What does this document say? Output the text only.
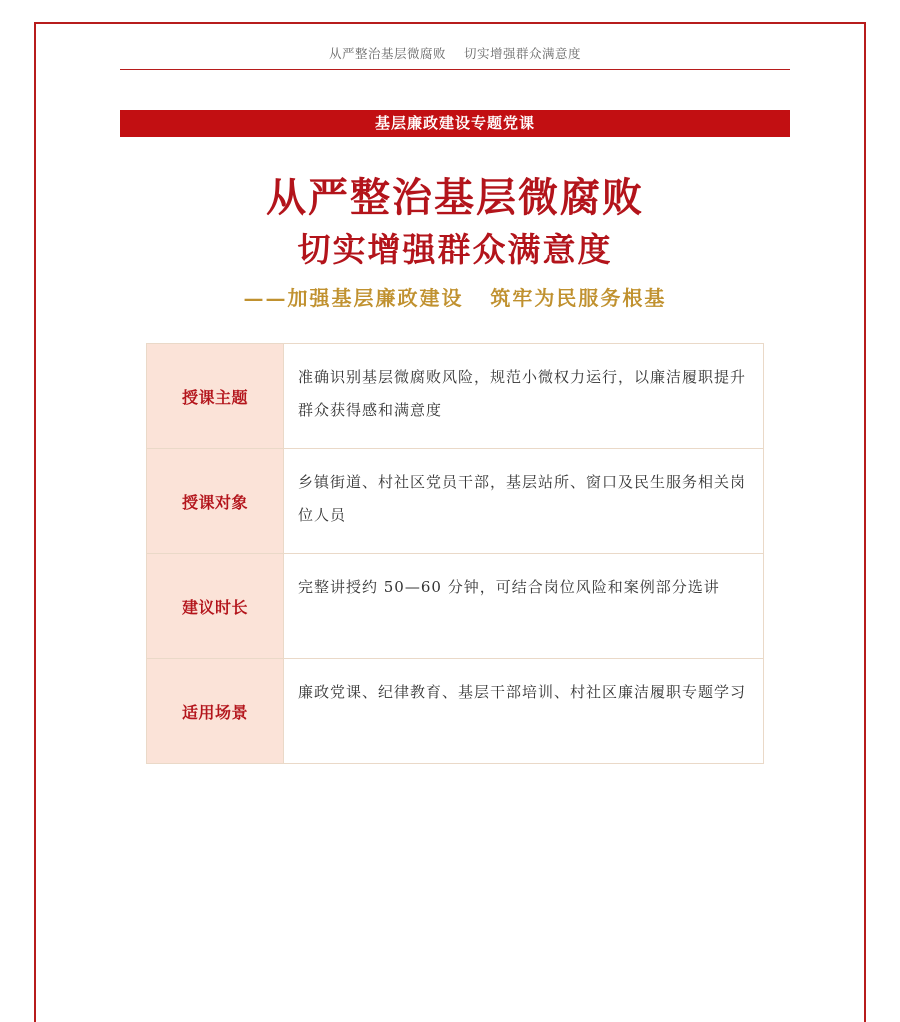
从严整治基层微腐败    切实增强群众满意度
基层廉政建设专题党课
从严整治基层微腐败
切实增强群众满意度
——加强基层廉政建设   筑牢为民服务根基
授课主题	准确识别基层微腐败风险，规范小微权力运行，以廉洁履职提升群众获得感和满意度
授课对象	乡镇街道、村社区党员干部，基层站所、窗口及民生服务相关岗位人员
建议时长	完整讲授约 50—60 分钟，可结合岗位风险和案例部分选讲
适用场景	廉政党课、纪律教育、基层干部培训、村社区廉洁履职专题学习
